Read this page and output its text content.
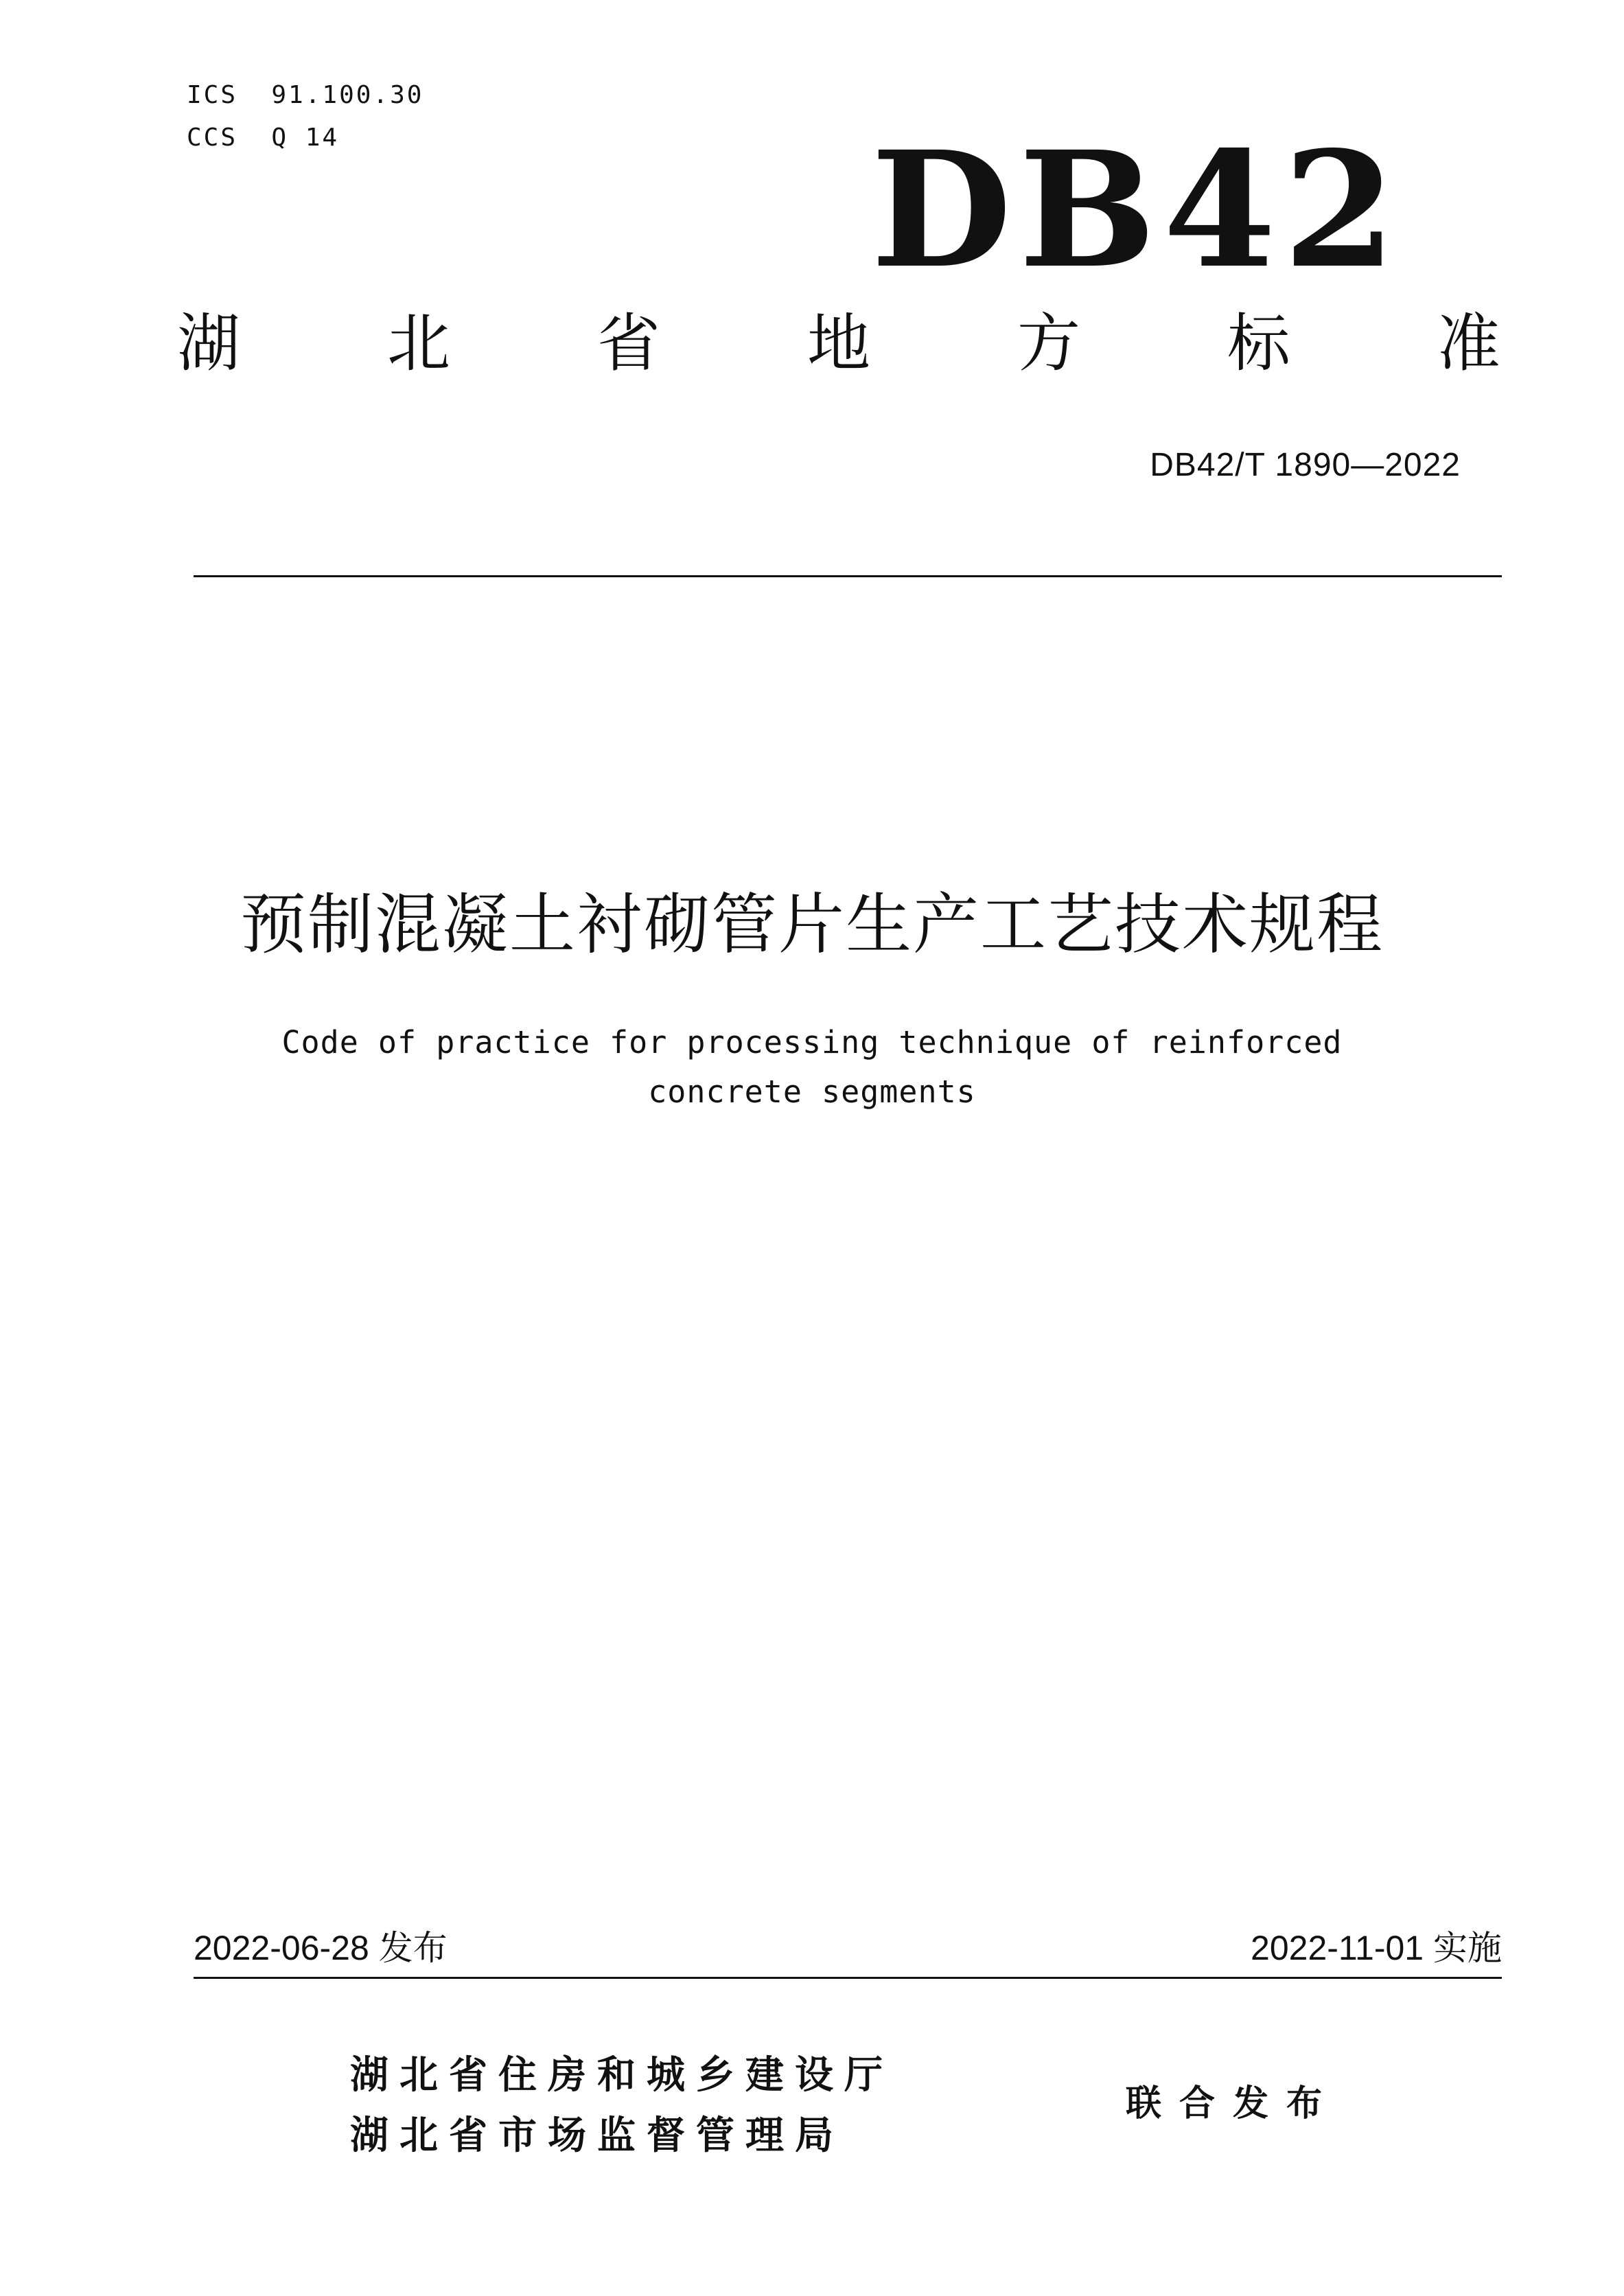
ICS  91.100.30
CCS  Q 14	DB42
湖 北 省 地 方 标 准
DB42/T 1890—2022
预制混凝土衬砌管片生产工艺技术规程
Code of practice for processing technique of reinforced
concrete segments
2022-06-28 发布	2022-11-01 实施
湖北省住房和城乡建设厅
湖北省市场监督管理局
联合发布
